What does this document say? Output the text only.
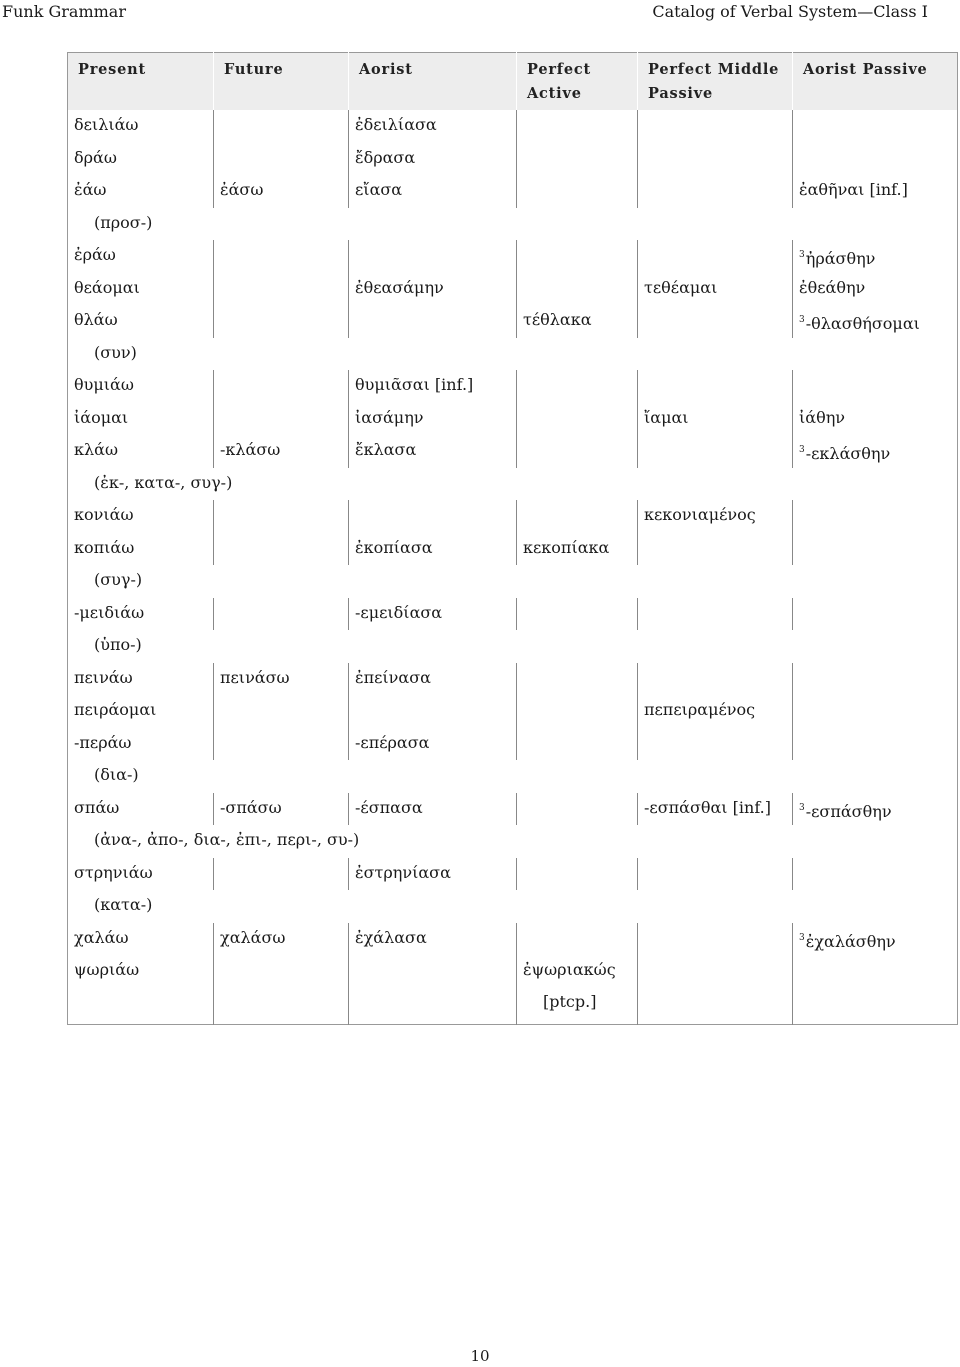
Funk Grammar	Catalog of Verbal System—Class I
Present	Future	Aorist	Perfect Active	Perfect Middle Passive	Aorist Passive
δειλιάω		ἐδειλίασα			
δράω		ἔδρασα			
ἐάω	ἐάσω	εἴασα			ἐαθῆναι [inf.]
(προσ-)					
ἐράω					$^3$ἠράσθην
θεάομαι		ἐθεασάμην		τεθέαμαι	ἐθεάθην
θλάω			τέθλακα		$^3$-θλασθήσομαι
(συν)					
θυμιάω		θυμιᾶσαι [inf.]			
ἰάομαι		ἰασάμην		ἴαμαι	ἰάθην
κλάω	-κλάσω	ἔκλασα			$^3$-εκλάσθην
(ἐκ-, κατα-, συγ-)					
κονιάω				κεκονιαμένος	
κοπιάω		ἐκοπίασα	κεκοπίακα		
(συγ-)					
-μειδιάω		-εμειδίασα			
(ὑπο-)					
πεινάω	πεινάσω	ἐπείνασα			
πειράομαι				πεπειραμένος	
-περάω		-επέρασα			
(δια-)					
σπάω	-σπάσω	-έσπασα		-εσπάσθαι [inf.]	$^3$-εσπάσθην
(ἀνα-, ἀπο-, δια-, ἐπι-, περι-, συ-)					
στρηνιάω		ἐστρηνίασα			
(κατα-)					
χαλάω	χαλάσω	ἐχάλασα			$^3$ἐχαλάσθην
ψωριάω			ἐψωριακώς
[ptcp.]		

10
